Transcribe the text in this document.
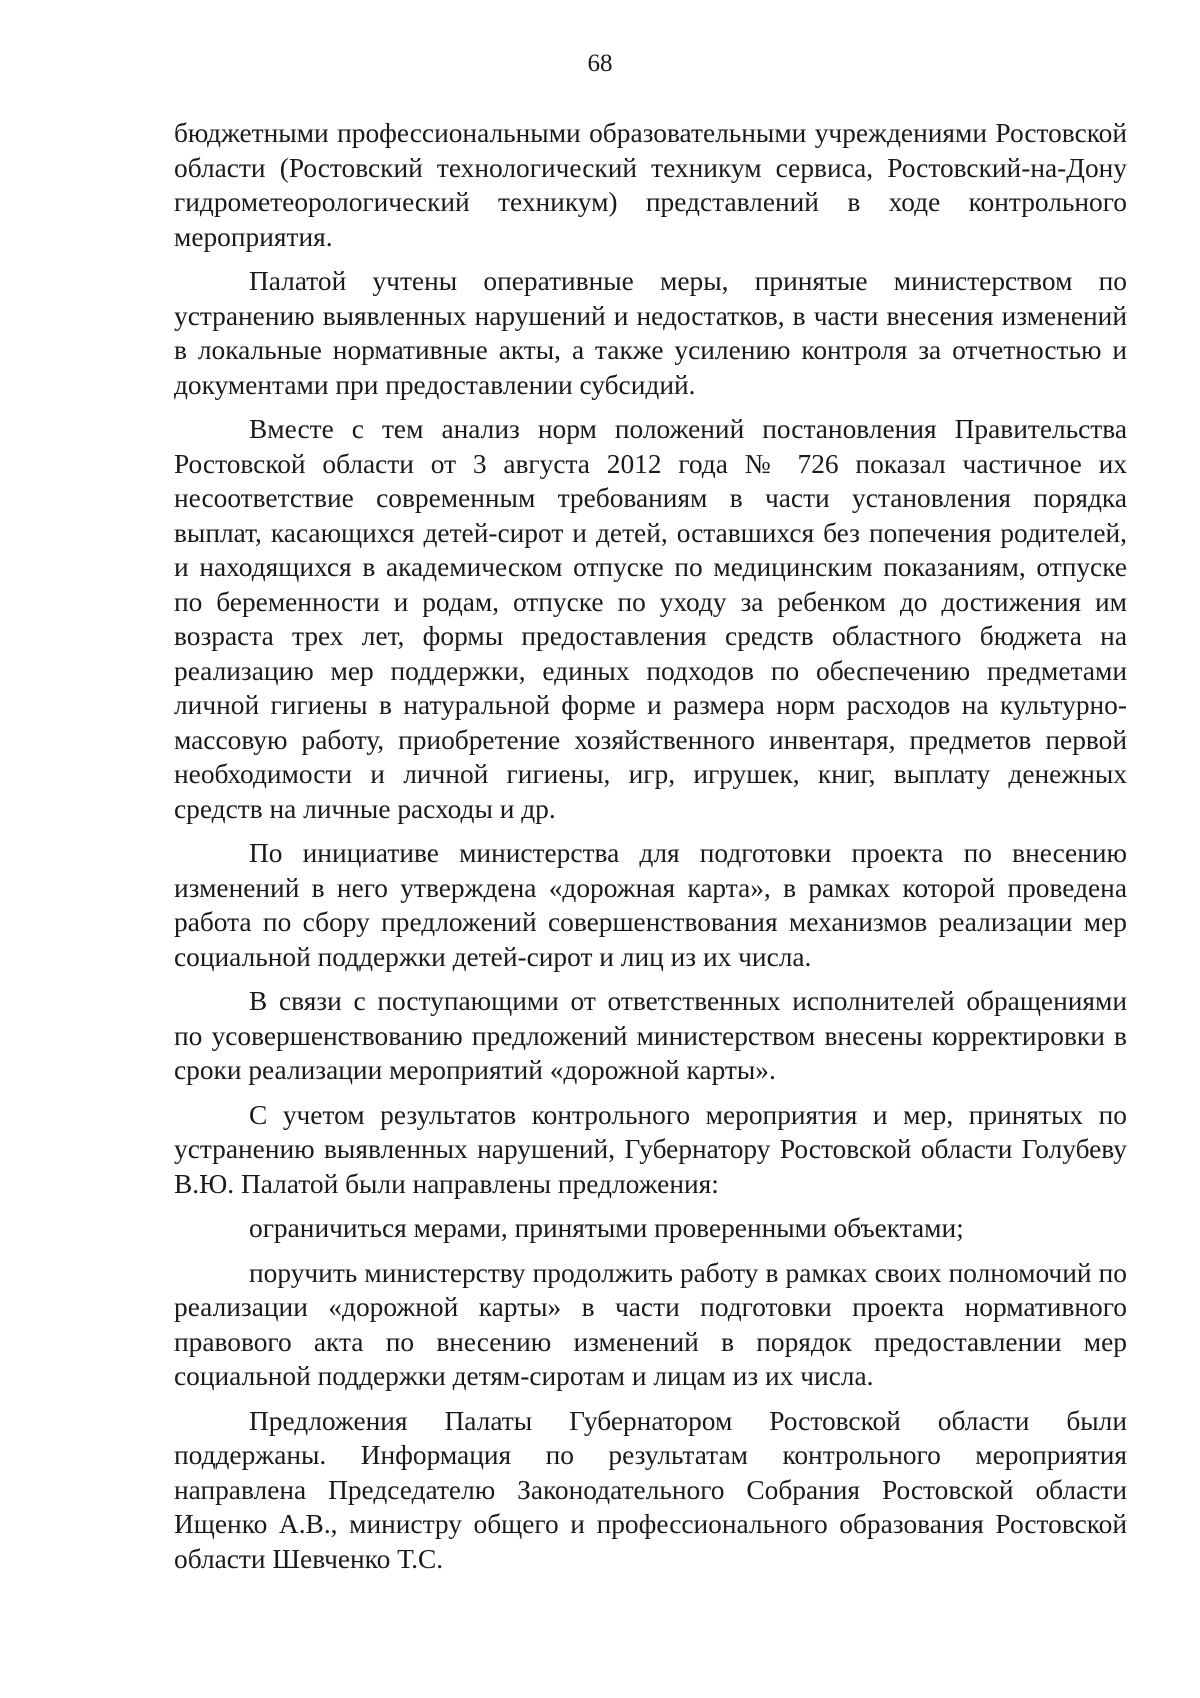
68

бюджетными профессиональными образовательными учреждениями Ростовской области (Ростовский технологический техникум сервиса, Ростовский-на-Дону гидрометеорологический техникум) представлений в ходе контрольного мероприятия.

Палатой учтены оперативные меры, принятые министерством по устранению выявленных нарушений и недостатков, в части внесения изменений в локальные нормативные акты, а также усилению контроля за отчетностью и документами при предоставлении субсидий.

Вместе с тем анализ норм положений постановления Правительства Ростовской области от 3 августа 2012 года № 726 показал частичное их несоответствие современным требованиям в части установления порядка выплат, касающихся детей-сирот и детей, оставшихся без попечения родителей, и находящихся в академическом отпуске по медицинским показаниям, отпуске по беременности и родам, отпуске по уходу за ребенком до достижения им возраста трех лет, формы предоставления средств областного бюджета на реализацию мер поддержки, единых подходов по обеспечению предметами личной гигиены в натуральной форме и размера норм расходов на культурно-массовую работу, приобретение хозяйственного инвентаря, предметов первой необходимости и личной гигиены, игр, игрушек, книг, выплату денежных средств на личные расходы и др.

По инициативе министерства для подготовки проекта по внесению изменений в него утверждена «дорожная карта», в рамках которой проведена работа по сбору предложений совершенствования механизмов реализации мер социальной поддержки детей-сирот и лиц из их числа.

В связи с поступающими от ответственных исполнителей обращениями по усовершенствованию предложений министерством внесены корректировки в сроки реализации мероприятий «дорожной карты».

С учетом результатов контрольного мероприятия и мер, принятых по устранению выявленных нарушений, Губернатору Ростовской области Голубеву В.Ю. Палатой были направлены предложения:

ограничиться мерами, принятыми проверенными объектами;

поручить министерству продолжить работу в рамках своих полномочий по реализации «дорожной карты» в части подготовки проекта нормативного правового акта по внесению изменений в порядок предоставлении мер социальной поддержки детям-сиротам и лицам из их числа.

Предложения Палаты Губернатором Ростовской области были поддержаны. Информация по результатам контрольного мероприятия направлена Председателю Законодательного Собрания Ростовской области Ищенко А.В., министру общего и профессионального образования Ростовской области Шевченко Т.С.
